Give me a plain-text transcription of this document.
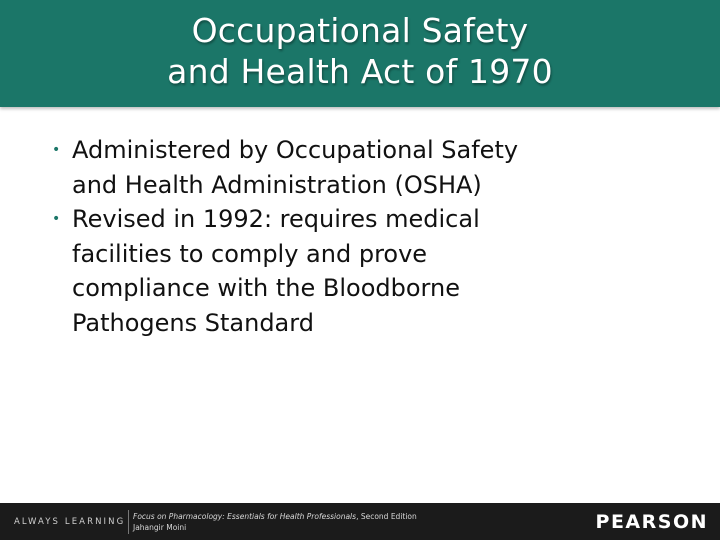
Occupational Safety
and Health Act of 1970
• Administered by Occupational Safety
and Health Administration (OSHA)
• Revised in 1992: requires medical
facilities to comply and prove
compliance with the Bloodborne
Pathogens Standard
ALWAYS LEARNING
Focus on Pharmacology: Essentials for Health Professionals, Second Edition
Jahangir Moini	PEARSON
